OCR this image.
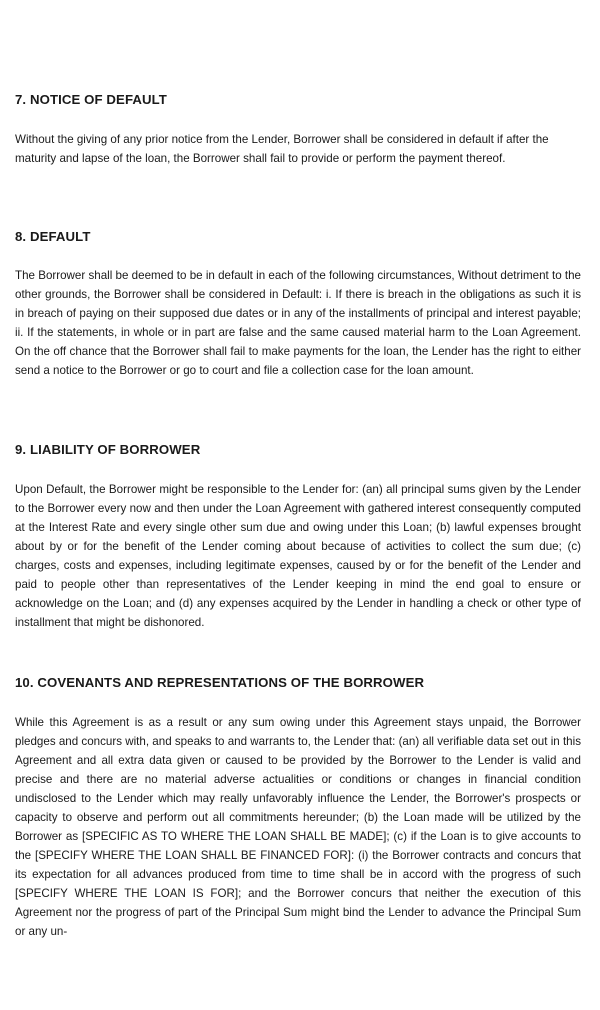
7. NOTICE OF DEFAULT

Without the giving of any prior notice from the Lender, Borrower shall be considered in default if after the maturity and lapse of the loan, the Borrower shall fail to provide or perform the payment thereof.

8. DEFAULT

The Borrower shall be deemed to be in default in each of the following circumstances, Without detriment to the other grounds, the Borrower shall be considered in Default: i. If there is breach in the obligations as such it is in breach of paying on their supposed due dates or in any of the installments of principal and interest payable; ii. If the statements, in whole or in part are false and the same caused material harm to the Loan Agreement. On the off chance that the Borrower shall fail to make payments for the loan, the Lender has the right to either send a notice to the Borrower or go to court and file a collection case for the loan amount.

9. LIABILITY OF BORROWER

Upon Default, the Borrower might be responsible to the Lender for: (an) all principal sums given by the Lender to the Borrower every now and then under the Loan Agreement with gathered interest consequently computed at the Interest Rate and every single other sum due and owing under this Loan; (b) lawful expenses brought about by or for the benefit of the Lender coming about because of activities to collect the sum due; (c) charges, costs and expenses, including legitimate expenses, caused by or for the benefit of the Lender and paid to people other than representatives of the Lender keeping in mind the end goal to ensure or acknowledge on the Loan; and (d) any expenses acquired by the Lender in handling a check or other type of installment that might be dishonored.

10. COVENANTS AND REPRESENTATIONS OF THE BORROWER

While this Agreement is as a result or any sum owing under this Agreement stays unpaid, the Borrower pledges and concurs with, and speaks to and warrants to, the Lender that: (an) all verifiable data set out in this Agreement and all extra data given or caused to be provided by the Borrower to the Lender is valid and precise and there are no material adverse actualities or conditions or changes in financial condition undisclosed to the Lender which may really unfavorably influence the Lender, the Borrower's prospects or capacity to observe and perform out all commitments hereunder; (b) the Loan made will be utilized by the Borrower as [SPECIFIC AS TO WHERE THE LOAN SHALL BE MADE]; (c) if the Loan is to give accounts to the [SPECIFY WHERE THE LOAN SHALL BE FINANCED FOR]: (i) the Borrower contracts and concurs that its expectation for all advances produced from time to time shall be in accord with the progress of such [SPECIFY WHERE THE LOAN IS FOR]; and the Borrower concurs that neither the execution of this Agreement nor the progress of part of the Principal Sum might bind the Lender to advance the Principal Sum or any un-
